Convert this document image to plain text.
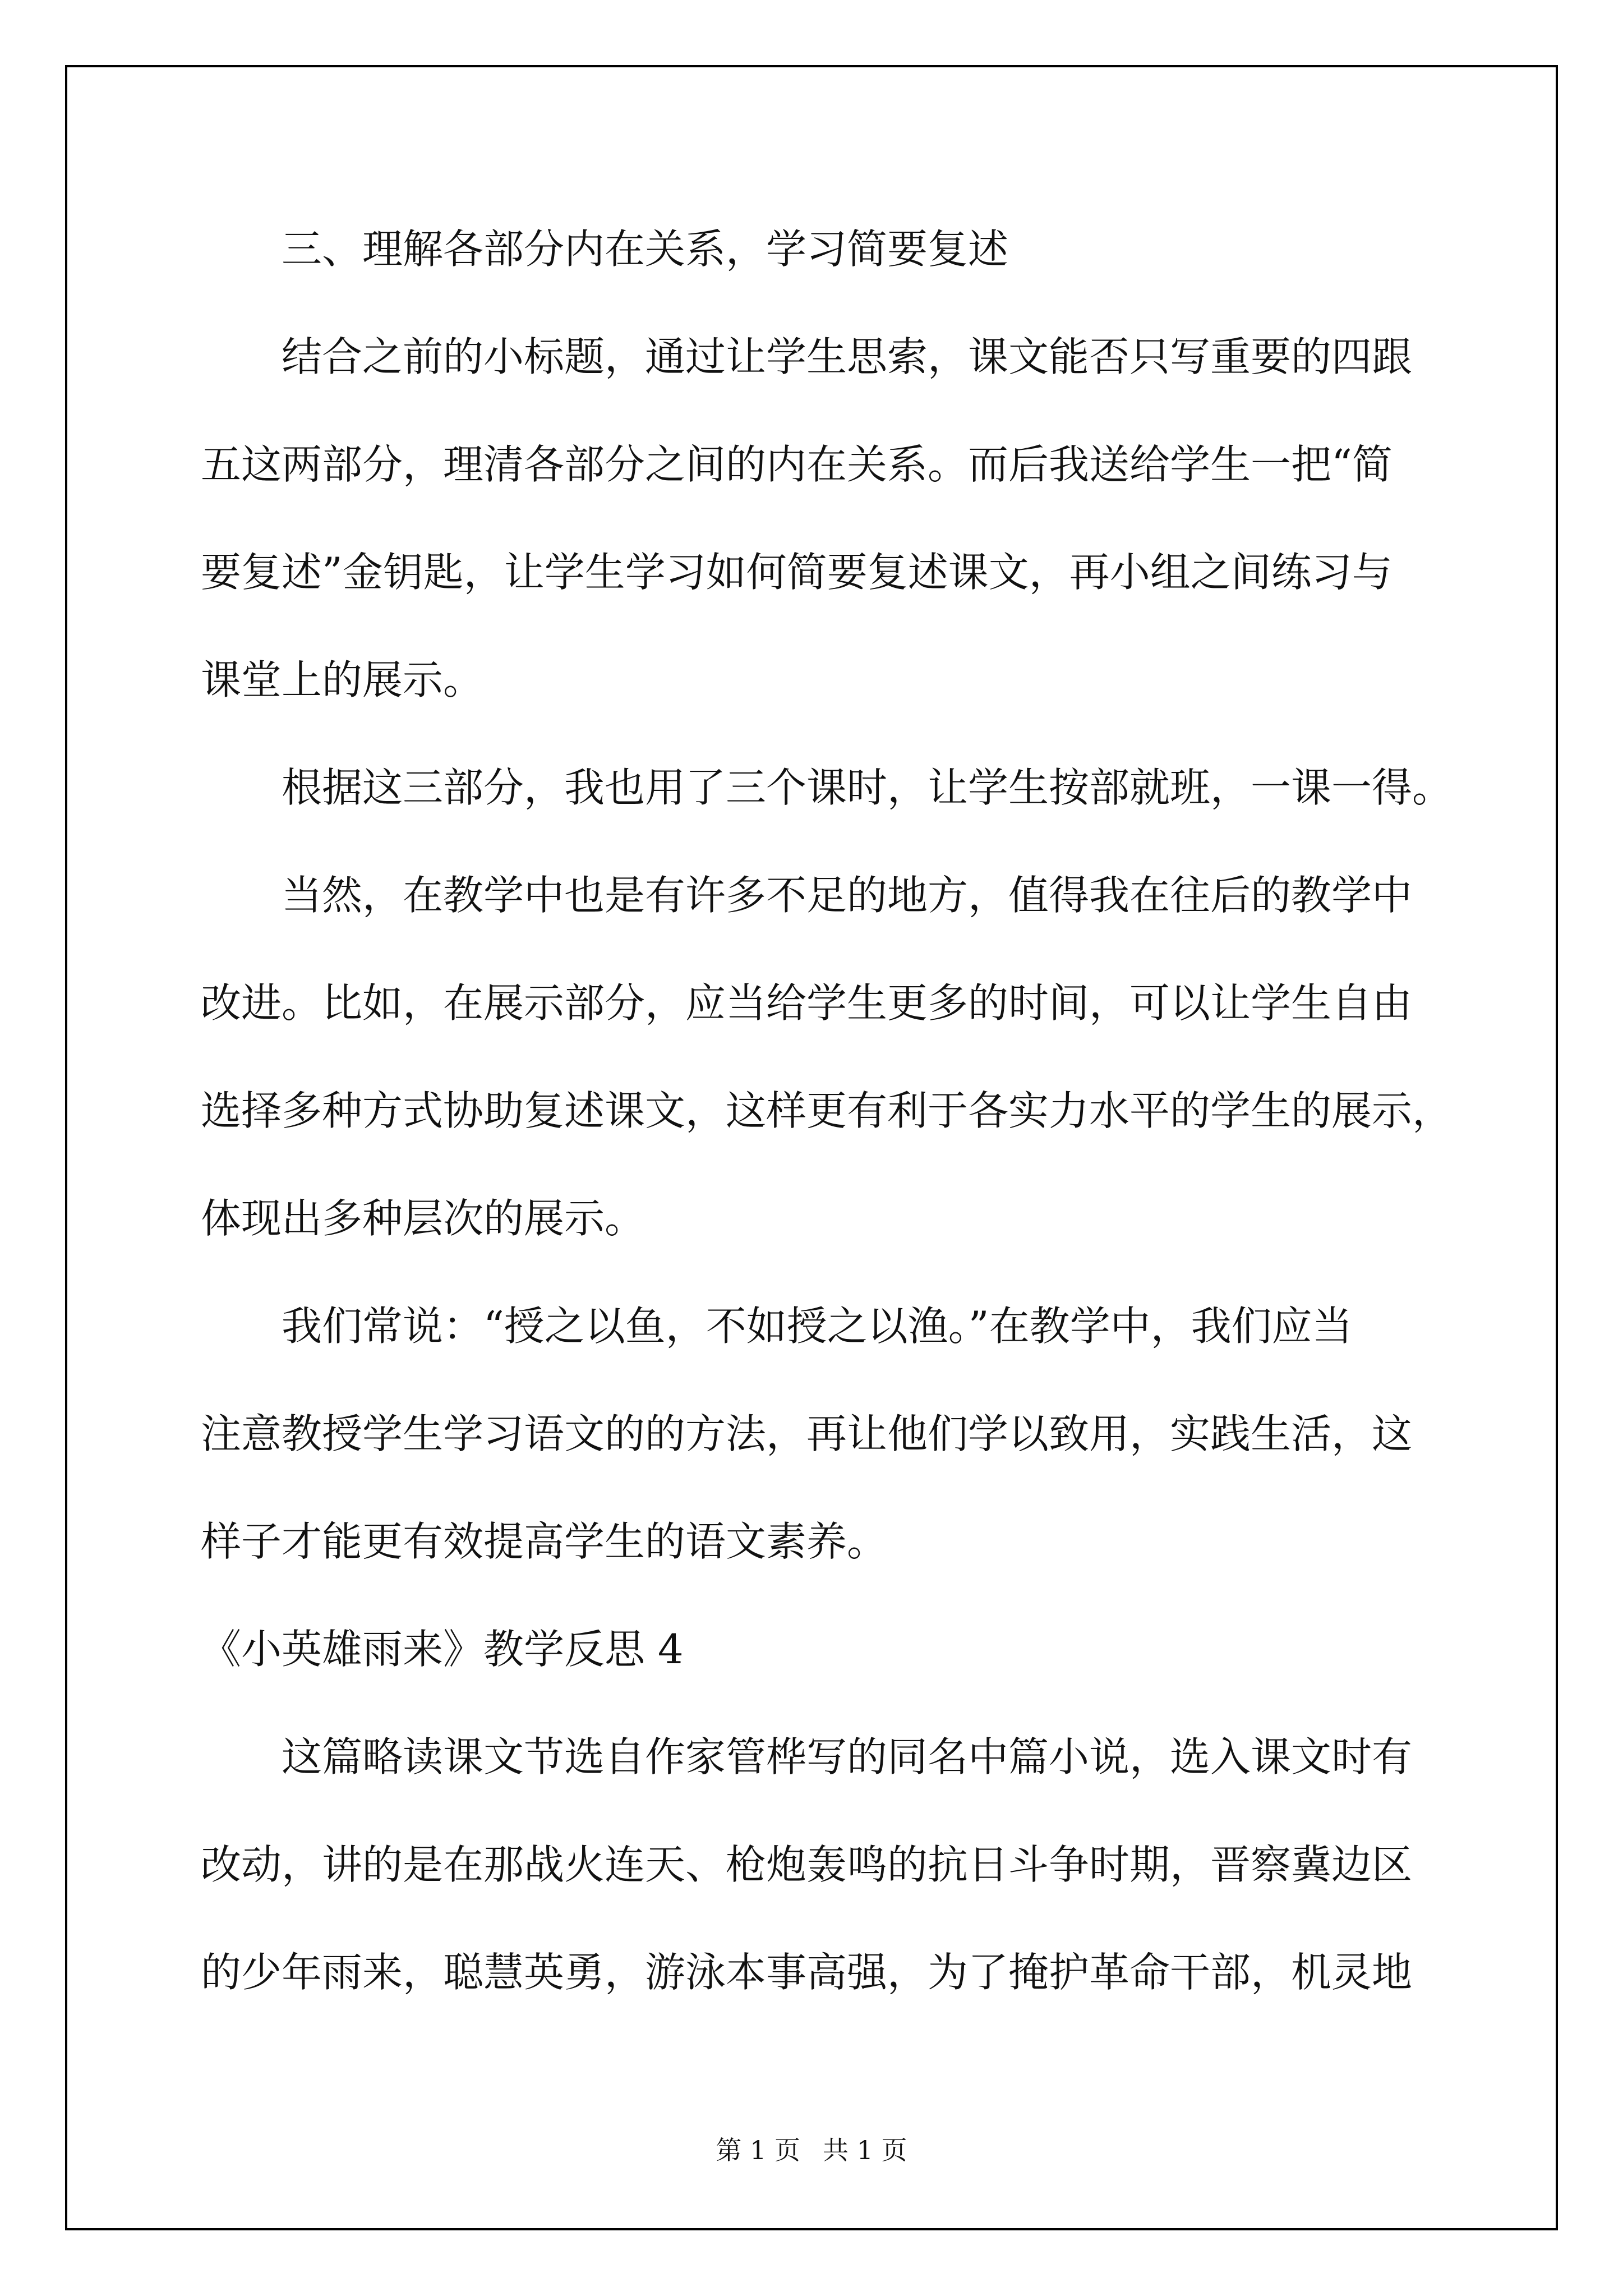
三、理解各部分内在关系，学习简要复述
结合之前的小标题，通过让学生思索，课文能否只写重要的四跟
五这两部分，理清各部分之间的内在关系。而后我送给学生一把“简
要复述”金钥匙，让学生学习如何简要复述课文，再小组之间练习与
课堂上的展示。
根据这三部分，我也用了三个课时，让学生按部就班，一课一得。
当然，在教学中也是有许多不足的地方，值得我在往后的教学中
改进。比如，在展示部分，应当给学生更多的时间，可以让学生自由
选择多种方式协助复述课文，这样更有利于各实力水平的学生的展示，
体现出多种层次的展示。
我们常说：“授之以鱼，不如授之以渔。”在教学中，我们应当
注意教授学生学习语文的的方法，再让他们学以致用，实践生活，这
样子才能更有效提高学生的语文素养。
《小英雄雨来》教学反思 4
这篇略读课文节选自作家管桦写的同名中篇小说，选入课文时有
改动，讲的是在那战火连天、枪炮轰鸣的抗日斗争时期，晋察冀边区
的少年雨来，聪慧英勇，游泳本事高强，为了掩护革命干部，机灵地
第 1 页 共 1 页
